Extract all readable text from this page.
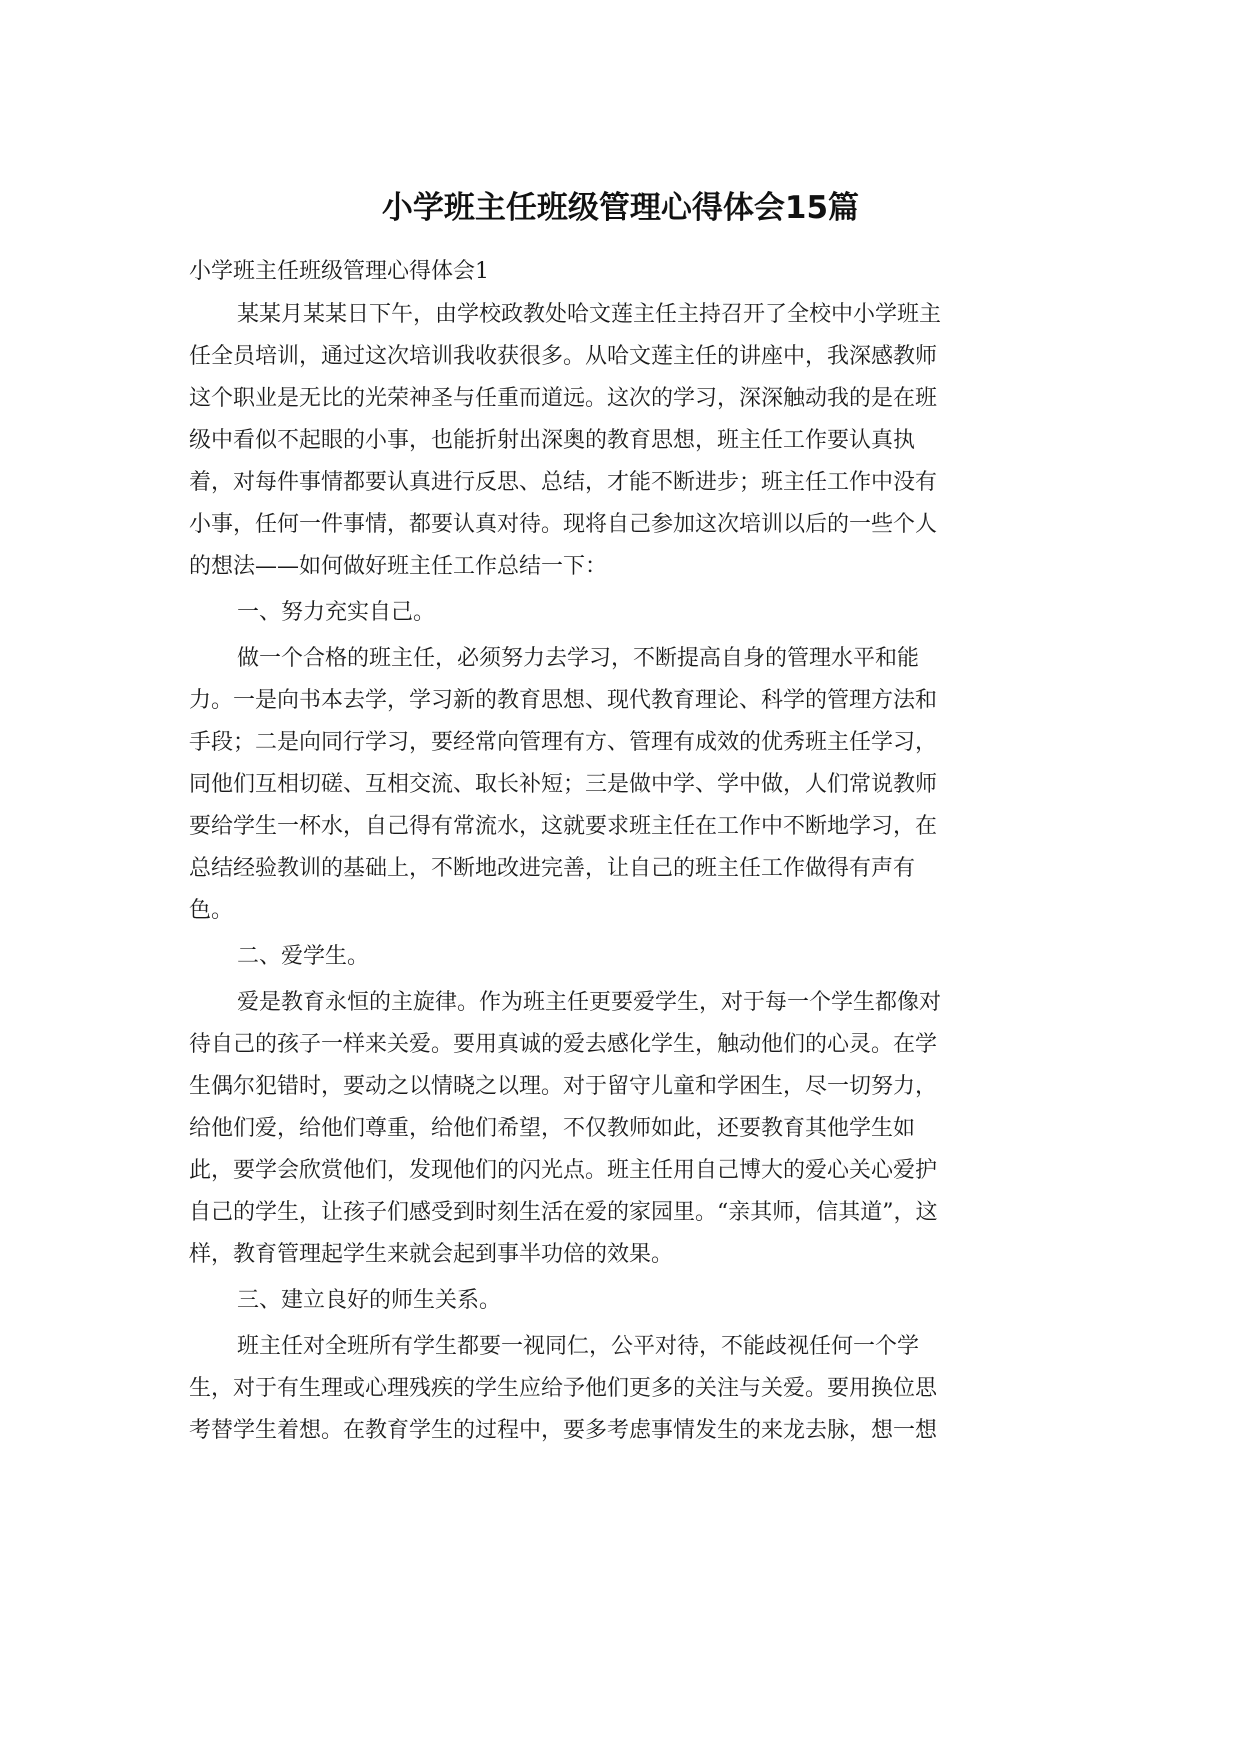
小学班主任班级管理心得体会15篇

小学班主任班级管理心得体会1

某某月某某日下午，由学校政教处哈文莲主任主持召开了全校中小学班主
任全员培训，通过这次培训我收获很多。从哈文莲主任的讲座中，我深感教师
这个职业是无比的光荣神圣与任重而道远。这次的学习，深深触动我的是在班
级中看似不起眼的小事，也能折射出深奥的教育思想，班主任工作要认真执
着，对每件事情都要认真进行反思、总结，才能不断进步；班主任工作中没有
小事，任何一件事情，都要认真对待。现将自己参加这次培训以后的一些个人
的想法——如何做好班主任工作总结一下：
一、努力充实自己。
做一个合格的班主任，必须努力去学习，不断提高自身的管理水平和能
力。一是向书本去学，学习新的教育思想、现代教育理论、科学的管理方法和
手段；二是向同行学习，要经常向管理有方、管理有成效的优秀班主任学习，
同他们互相切磋、互相交流、取长补短；三是做中学、学中做，人们常说教师
要给学生一杯水，自己得有常流水，这就要求班主任在工作中不断地学习，在
总结经验教训的基础上，不断地改进完善，让自己的班主任工作做得有声有
色。
二、爱学生。
爱是教育永恒的主旋律。作为班主任更要爱学生，对于每一个学生都像对
待自己的孩子一样来关爱。要用真诚的爱去感化学生，触动他们的心灵。在学
生偶尔犯错时，要动之以情晓之以理。对于留守儿童和学困生，尽一切努力，
给他们爱，给他们尊重，给他们希望，不仅教师如此，还要教育其他学生如
此，要学会欣赏他们，发现他们的闪光点。班主任用自己博大的爱心关心爱护
自己的学生，让孩子们感受到时刻生活在爱的家园里。“亲其师，信其道”，这
样，教育管理起学生来就会起到事半功倍的效果。
三、建立良好的师生关系。
班主任对全班所有学生都要一视同仁，公平对待，不能歧视任何一个学
生，对于有生理或心理残疾的学生应给予他们更多的关注与关爱。要用换位思
考替学生着想。在教育学生的过程中，要多考虑事情发生的来龙去脉，想一想
